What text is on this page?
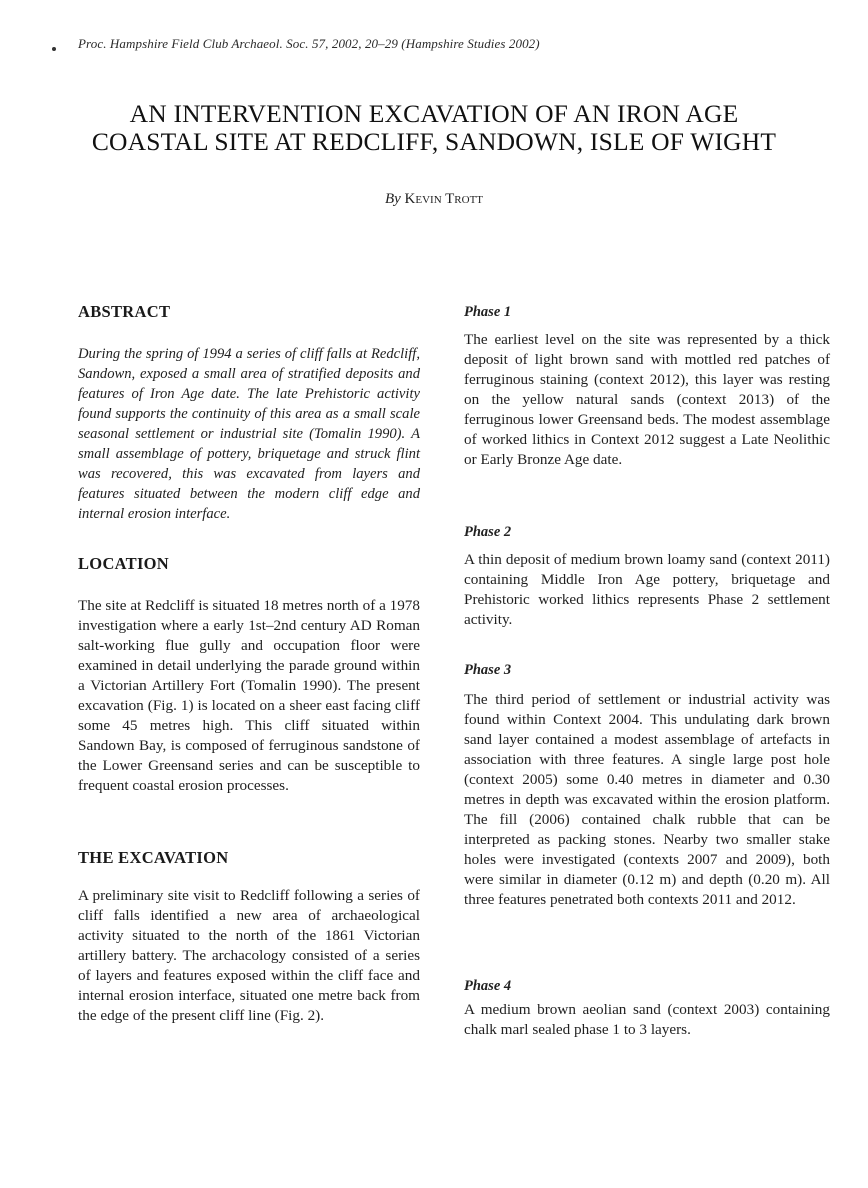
Proc. Hampshire Field Club Archaeol. Soc. 57, 2002, 20–29 (Hampshire Studies 2002)
AN INTERVENTION EXCAVATION OF AN IRON AGE
COASTAL SITE AT REDCLIFF, SANDOWN, ISLE OF WIGHT
By Kevin Trott
ABSTRACT

During the spring of 1994 a series of cliff falls at Redcliff, Sandown, exposed a small area of stratified deposits and features of Iron Age date. The late Prehistoric activity found supports the continuity of this area as a small scale seasonal settlement or industrial site (Tomalin 1990). A small assemblage of pottery, briquetage and struck flint was recovered, this was excavated from layers and features situated between the modern cliff edge and internal erosion interface.

LOCATION

The site at Redcliff is situated 18 metres north of a 1978 investigation where a early 1st–2nd century AD Roman salt-working flue gully and occupation floor were examined in detail underlying the parade ground within a Victorian Artillery Fort (Tomalin 1990). The present excavation (Fig. 1) is located on a sheer east facing cliff some 45 metres high. This cliff situated within Sandown Bay, is composed of ferruginous sandstone of the Lower Greensand series and can be susceptible to frequent coastal erosion processes.

THE EXCAVATION

A preliminary site visit to Redcliff following a series of cliff falls identified a new area of archaeological activity situated to the north of the 1861 Victorian artillery battery. The archacology consisted of a series of layers and features exposed within the cliff face and internal erosion interface, situated one metre back from the edge of the present cliff line (Fig. 2).

Phase 1

The earliest level on the site was represented by a thick deposit of light brown sand with mottled red patches of ferruginous staining (context 2012), this layer was resting on the yellow natural sands (context 2013) of the ferruginous lower Greensand beds. The modest assemblage of worked lithics in Context 2012 suggest a Late Neolithic or Early Bronze Age date.

Phase 2

A thin deposit of medium brown loamy sand (context 2011) containing Middle Iron Age pottery, briquetage and Prehistoric worked lithics represents Phase 2 settlement activity.

Phase 3

The third period of settlement or industrial activity was found within Context 2004. This undulating dark brown sand layer contained a modest assemblage of artefacts in association with three features. A single large post hole (context 2005) some 0.40 metres in diameter and 0.30 metres in depth was excavated within the erosion platform. The fill (2006) contained chalk rubble that can be interpreted as packing stones. Nearby two smaller stake holes were investigated (contexts 2007 and 2009), both were similar in diameter (0.12 m) and depth (0.20 m). All three features penetrated both contexts 2011 and 2012.

Phase 4

A medium brown aeolian sand (context 2003) containing chalk marl sealed phase 1 to 3 layers.
